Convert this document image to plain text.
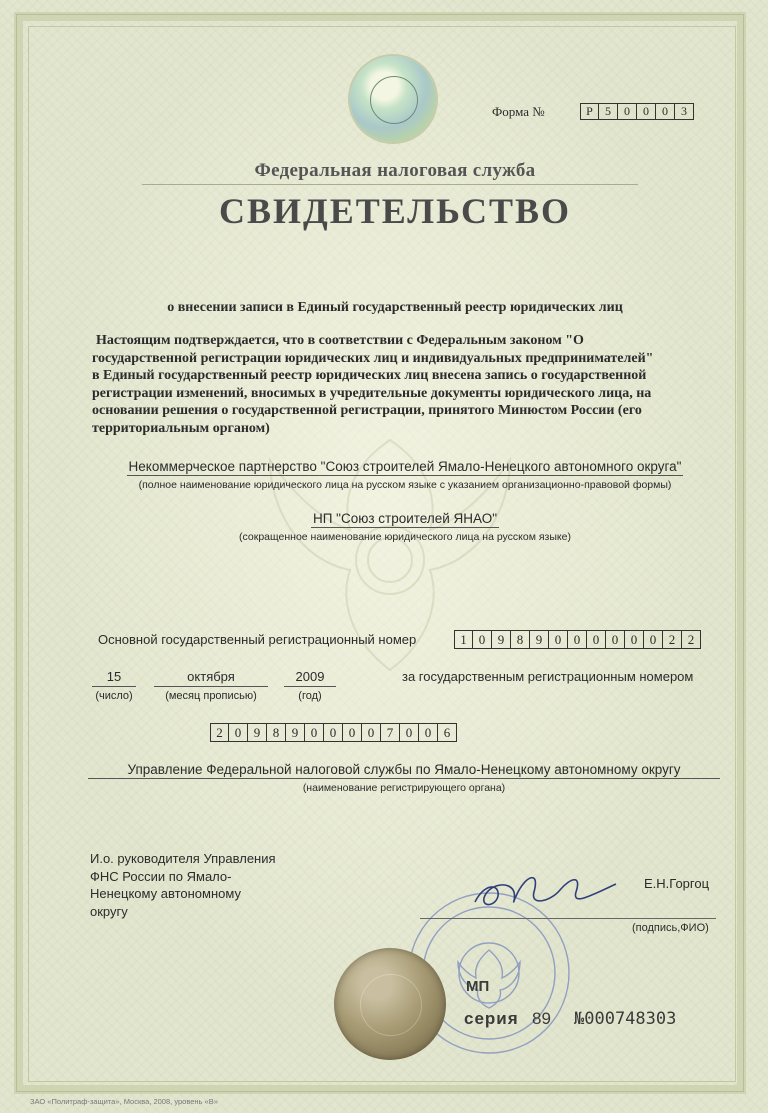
Форма №	Р	5	0	0	0	3
Федеральная налоговая служба
СВИДЕТЕЛЬСТВО
о внесении записи в Единый государственный реестр юридических лиц
Настоящим подтверждается, что в соответствии с Федеральным законом "О
государственной регистрации юридических лиц и индивидуальных предпринимателей"
в Единый государственный реестр юридических лиц внесена запись о государственной
регистрации изменений, вносимых в учредительные документы юридического лица, на
основании решения о государственной регистрации, принятого Минюстом России (его
территориальным органом)
Некоммерческое партнерство "Союз строителей Ямало-Ненецкого автономного округа"
(полное наименование юридического лица на русском языке с указанием организационно-правовой формы)
НП "Союз строителей ЯНАО"
(сокращенное наименование юридического лица на русском языке)
Основной государственный регистрационный номер	1 0 9 8 9 0 0 0 0 0 0 2 2
15
(число)
октября
(месяц прописью)
2009
(год)
за государственным регистрационным номером
2 0 9 8 9 0 0 0 0 7 0 0 6
Управление Федеральной налоговой службы по Ямало-Ненецкому автономному округу
(наименование регистрирующего органа)
И.о. руководителя Управления
ФНС России по Ямало-
Ненецкому автономному
округу
Е.Н.Горгоц
(подпись,ФИО)
МП
серия 89 №000748303
ЗАО «Политраф-защита», Москва, 2008, уровень «В»
